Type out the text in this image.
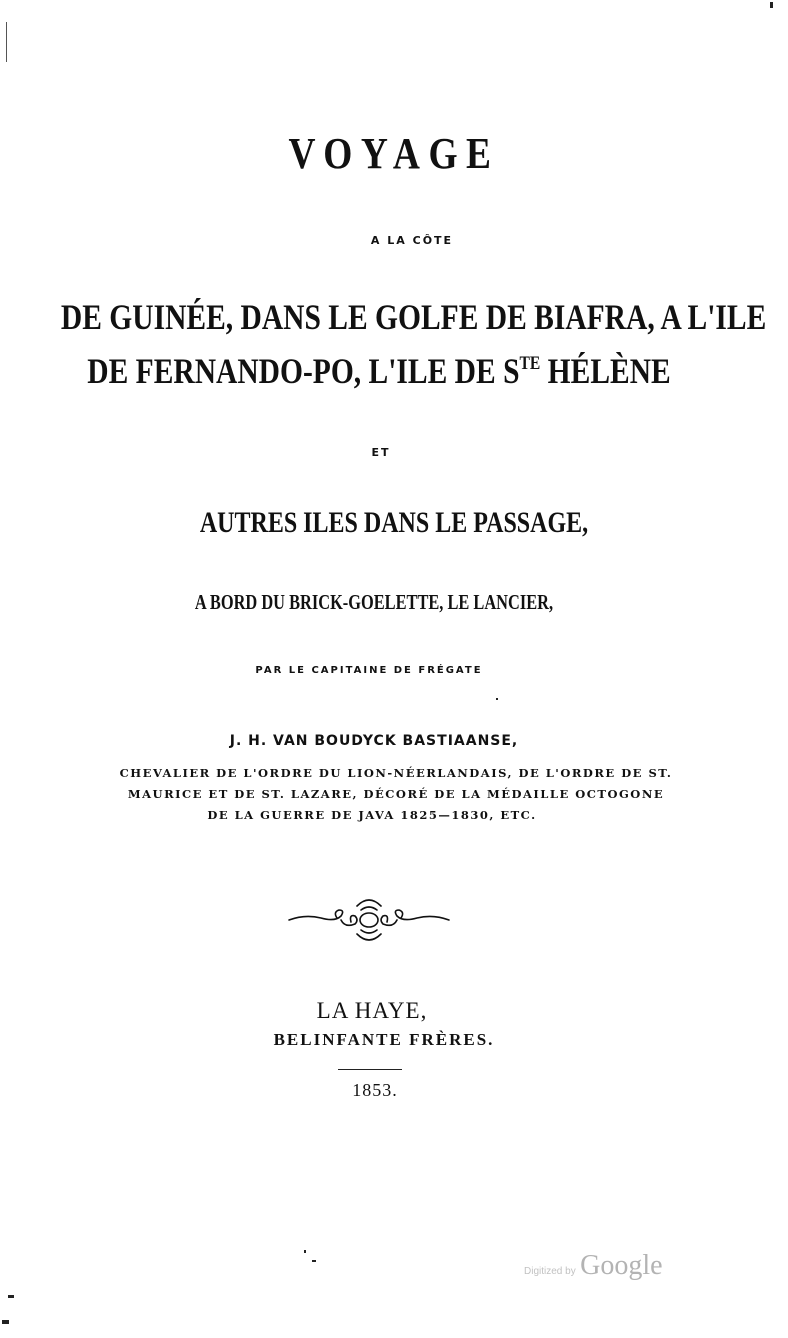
VOYAGE
A LA CÔTE
DE GUINÉE, DANS LE GOLFE DE BIAFRA, A L'ILE
DE FERNANDO-PO, L'ILE DE $S^{TE}$ HÉLÈNE
ET
AUTRES ILES DANS LE PASSAGE,
A BORD DU BRICK-GOELETTE, LE LANCIER,
PAR LE CAPITAINE DE FRÉGATE
J. H. VAN BOUDYCK BASTIAANSE,
CHEVALIER DE L'ORDRE DU LION-NÉERLANDAIS, DE L'ORDRE DE ST.
MAURICE ET DE ST. LAZARE, DÉCORÉ DE LA MÉDAILLE OCTOGONE
DE LA GUERRE DE JAVA 1825—1830, ETC.
LA HAYE,
BELINFANTE FRÈRES.
1853.
Digitized by Google
